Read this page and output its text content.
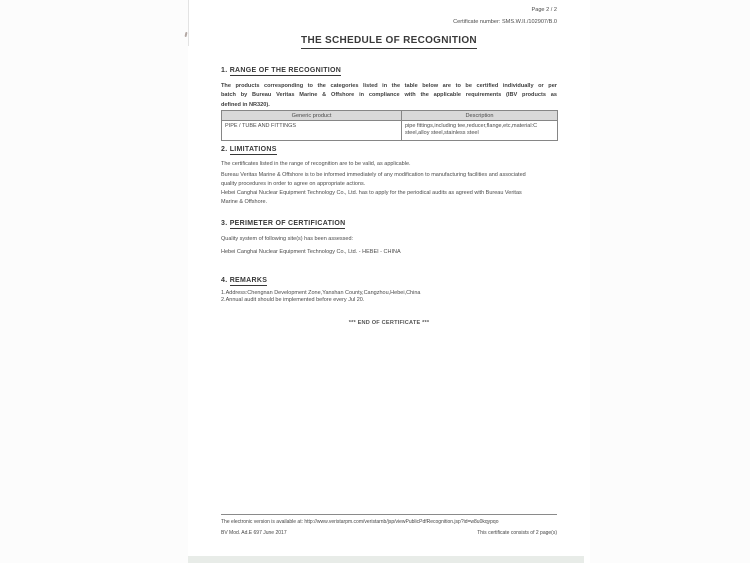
Page 2 / 2
Certificate number: SMS.W.II./102907/B.0
THE SCHEDULE OF RECOGNITION
1. RANGE OF THE RECOGNITION
The products corresponding to the categories listed in the table below are to be certified individually or per
batch by Bureau Veritas Marine & Offshore in compliance with the applicable requirements (IBV products as
defined in NR320).
Generic product	Description
PIPE / TUBE AND FITTINGS	pipe fittings,including tee,reducer,flange,etc,material:C steel,alloy steel,stainless steel
2. LIMITATIONS
The certificates listed in the range of recognition are to be valid, as applicable.
Bureau Veritas Marine & Offshore is to be informed immediately of any modification to manufacturing facilities and associated
quality procedures in order to agree on appropriate actions.
Hebei Canghai Nuclear Equipment Technology Co., Ltd. has to apply for the periodical audits as agreed with Bureau Veritas
Marine & Offshore.
3. PERIMETER OF CERTIFICATION
Quality system of following site(s) has been assessed:
Hebei Canghai Nuclear Equipment Technology Co., Ltd. - HEBEI - CHINA
4. REMARKS
1.Address:Chengnan Development Zone,Yanshan County,Cangzhou,Hebei,China
2.Annual audit should be implemented before every Jul 20.
*** END OF CERTIFICATE ***
The electronic version is available at: http://www.veristarpm.com/veristarnb/jsp/viewPublicPdfRecognition.jsp?id=w8u0kqypqo
BV Mod. Ad.E 697 June 2017	This certificate consists of 2 page(s)
